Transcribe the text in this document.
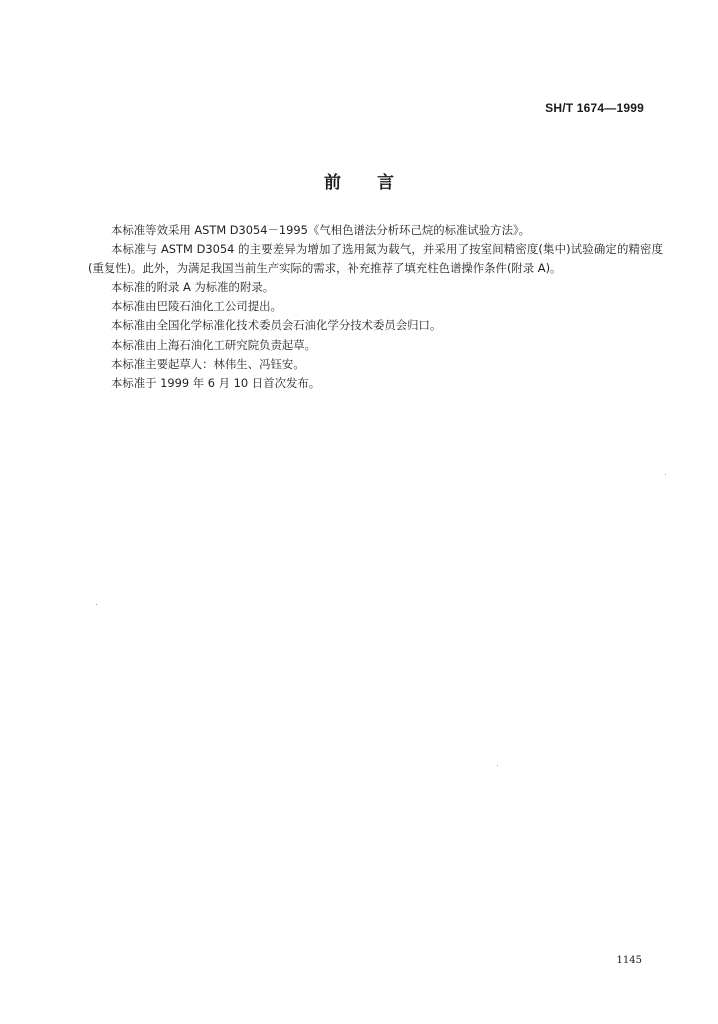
SH/T 1674—1999
前 言

本标准等效采用 ASTM D3054－1995《气相色谱法分析环己烷的标准试验方法》。

本标准与 ASTM D3054 的主要差异为增加了选用氮为载气，并采用了按室间精密度(集中)试验确定的精密度(重复性)。此外，为满足我国当前生产实际的需求，补充推荐了填充柱色谱操作条件(附录 A)。

本标准的附录 A 为标准的附录。

本标准由巴陵石油化工公司提出。

本标准由全国化学标准化技术委员会石油化学分技术委员会归口。

本标准由上海石油化工研究院负责起草。

本标准主要起草人：林伟生、冯钰安。

本标准于 1999 年 6 月 10 日首次发布。

1145
